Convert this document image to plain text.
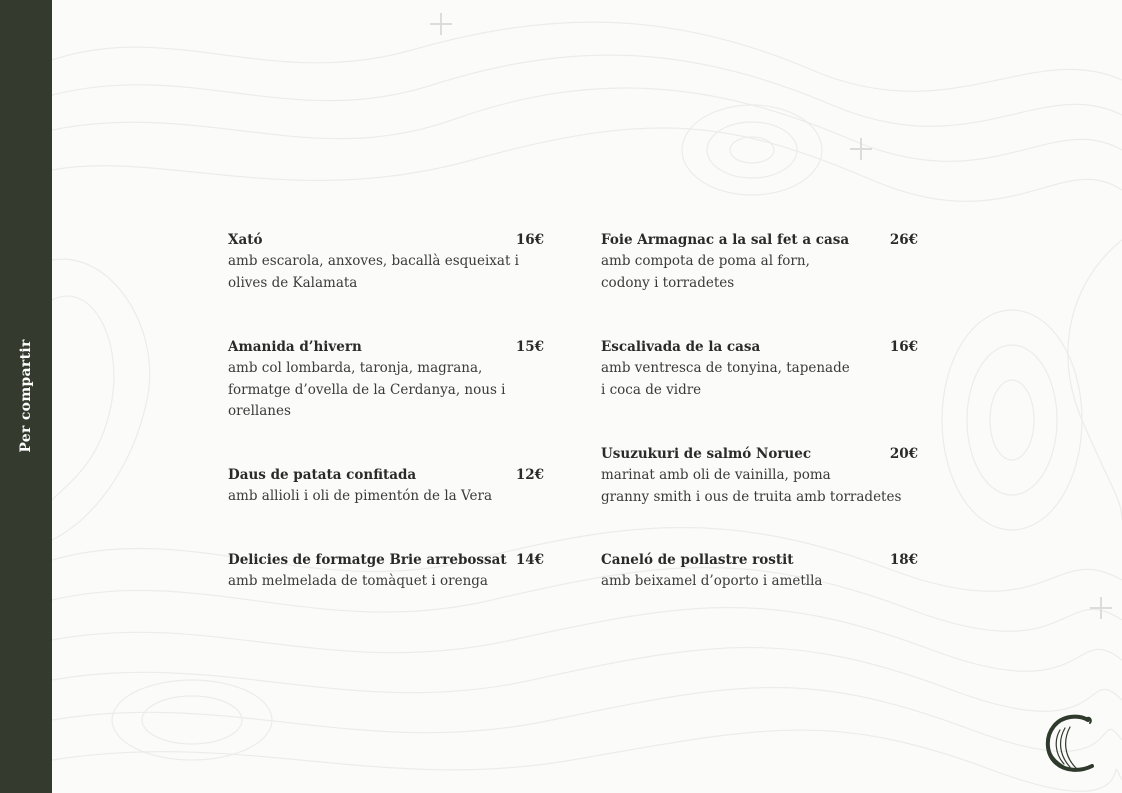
Per compartir
Xató	16€
amb escarola, anxoves, bacallà esqueixat i
olives de Kalamata
Amanida d’hivern	15€
amb col lombarda, taronja, magrana,
formatge d’ovella de la Cerdanya, nous i
orellanes
Daus de patata confitada	12€
amb allioli i oli de pimentón de la Vera
Delicies de formatge Brie arrebossat 14€
amb melmelada de tomàquet i orenga
Foie Armagnac a la sal fet a casa	26€
amb compota de poma al forn,
codony i torradetes
Escalivada de la casa	16€
amb ventresca de tonyina, tapenade
i coca de vidre
Usuzukuri de salmó Noruec	20€
marinat amb oli de vainilla, poma
granny smith i ous de truita amb torradetes
Caneló de pollastre rostit	18€
amb beixamel d’oporto i ametlla
